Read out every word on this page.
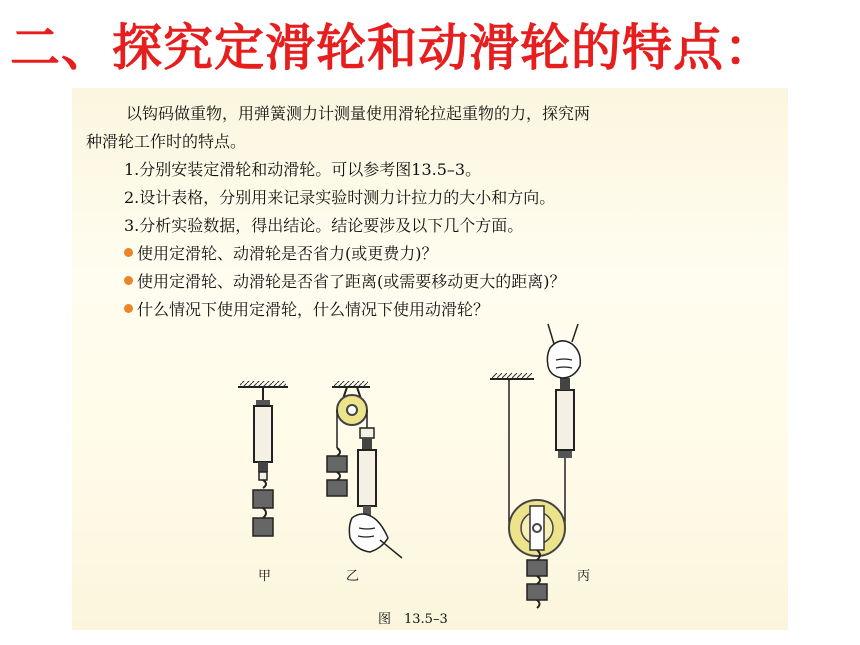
二、探究定滑轮和动滑轮的特点：
以钩码做重物，用弹簧测力计测量使用滑轮拉起重物的力，探究两
种滑轮工作时的特点。
1.分别安装定滑轮和动滑轮。可以参考图13.5–3。
2.设计表格，分别用来记录实验时测力计拉力的大小和方向。
3.分析实验数据，得出结论。结论要涉及以下几个方面。
使用定滑轮、动滑轮是否省力(或更费力)？
使用定滑轮、动滑轮是否省了距离(或需要移动更大的距离)？
什么情况下使用定滑轮，什么情况下使用动滑轮？
甲	乙	丙
图　13.5–3
